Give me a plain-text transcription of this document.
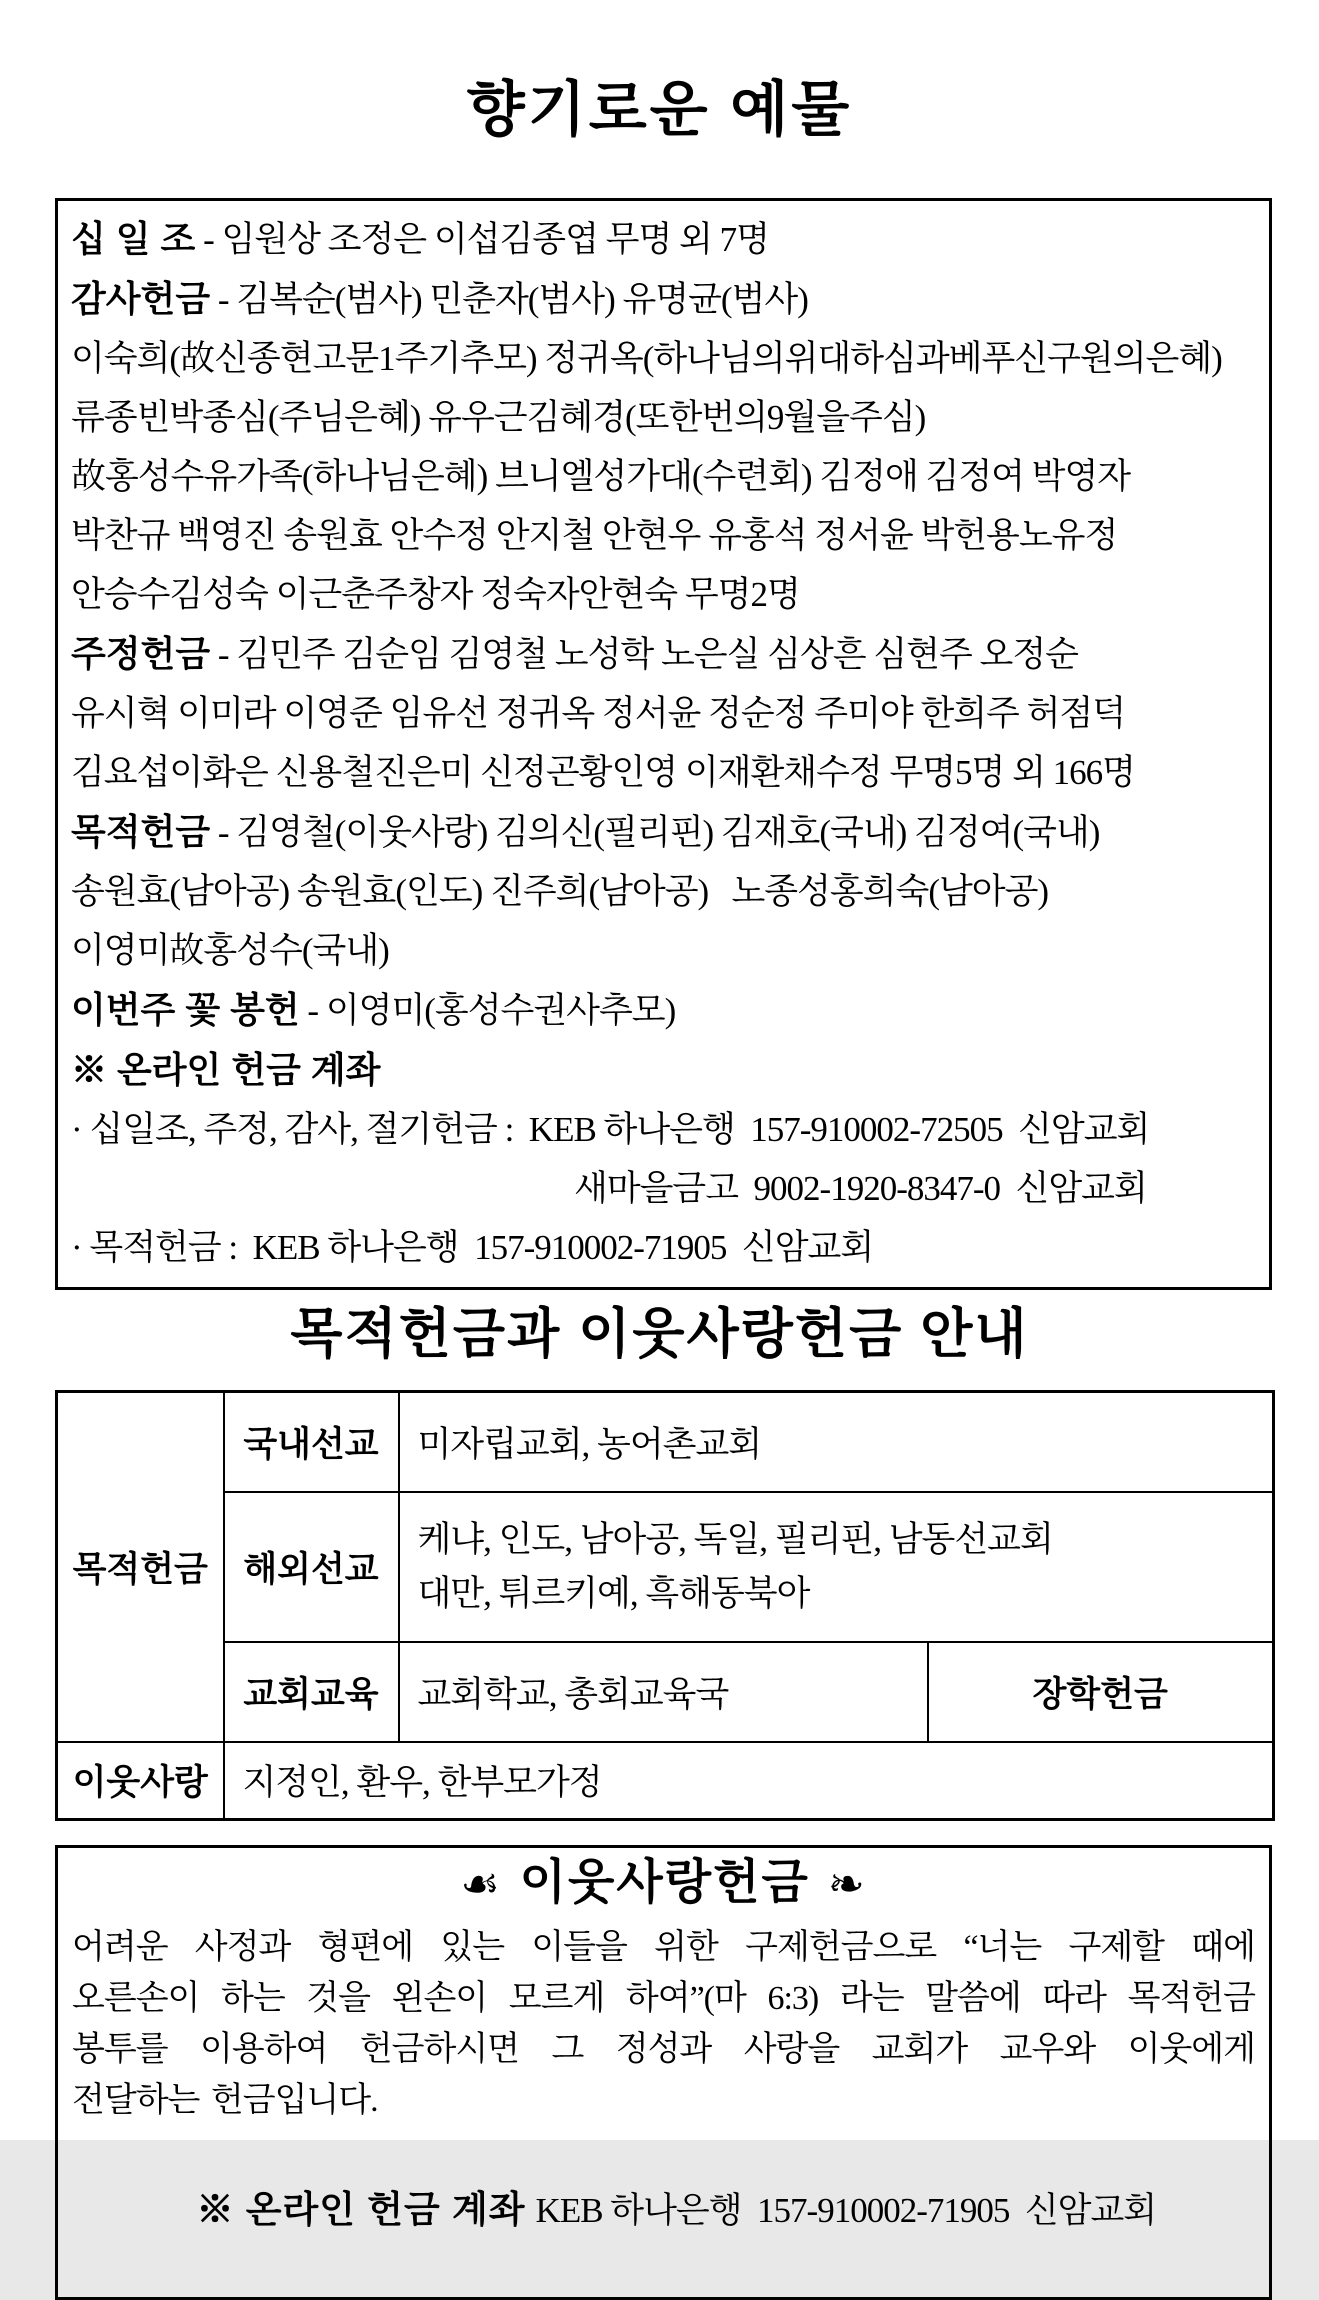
향기로운 예물
십 일 조 - 임원상 조정은 이섭김종엽 무명 외 7명
감사헌금 - 김복순(범사) 민춘자(범사) 유명균(범사)
이숙희(故신종현고문1주기추모) 정귀옥(하나님의위대하심과베푸신구원의은혜)
류종빈박종심(주님은혜) 유우근김혜경(또한번의9월을주심)
故홍성수유가족(하나님은혜) 브니엘성가대(수련회) 김정애 김정여 박영자
박찬규 백영진 송원효 안수정 안지철 안현우 유홍석 정서윤 박헌용노유정
안승수김성숙 이근춘주창자 정숙자안현숙 무명2명
주정헌금 - 김민주 김순임 김영철 노성학 노은실 심상흔 심현주 오정순
유시혁 이미라 이영준 임유선 정귀옥 정서윤 정순정 주미야 한희주 허점덕
김요섭이화은 신용철진은미 신정곤황인영 이재환채수정 무명5명 외 166명
목적헌금 - 김영철(이웃사랑) 김의신(필리핀) 김재호(국내) 김정여(국내)
송원효(남아공) 송원효(인도) 진주희(남아공)   노종성홍희숙(남아공)
이영미故홍성수(국내)
이번주 꽃 봉헌 - 이영미(홍성수권사추모)
※ 온라인 헌금 계좌
· 십일조, 주정, 감사, 절기헌금 :  KEB 하나은행  157-910002-72505  신암교회
새마을금고  9002-1920-8347-0  신암교회
· 목적헌금 :  KEB 하나은행  157-910002-71905  신암교회
목적헌금과 이웃사랑헌금 안내
목적헌금	국내선교	미자립교회, 농어촌교회	
	해외선교	케냐, 인도, 남아공, 독일, 필리핀, 남동선교회
대만, 튀르키예, 흑해동북아	

	교회교육	교회학교, 총회교육국	장학헌금
이웃사랑	지정인, 환우, 한부모가정		
☙ 이웃사랑헌금 ❧
어려운 사정과 형편에 있는 이들을 위한 구제헌금으로 “너는 구제할 때에
오른손이 하는 것을 왼손이 모르게 하여”(마 6:3) 라는 말씀에 따라 목적헌금
봉투를 이용하여 헌금하시면 그 정성과 사랑을 교회가 교우와 이웃에게
전달하는 헌금입니다.

※ 온라인 헌금 계좌 KEB 하나은행  157-910002-71905  신암교회
